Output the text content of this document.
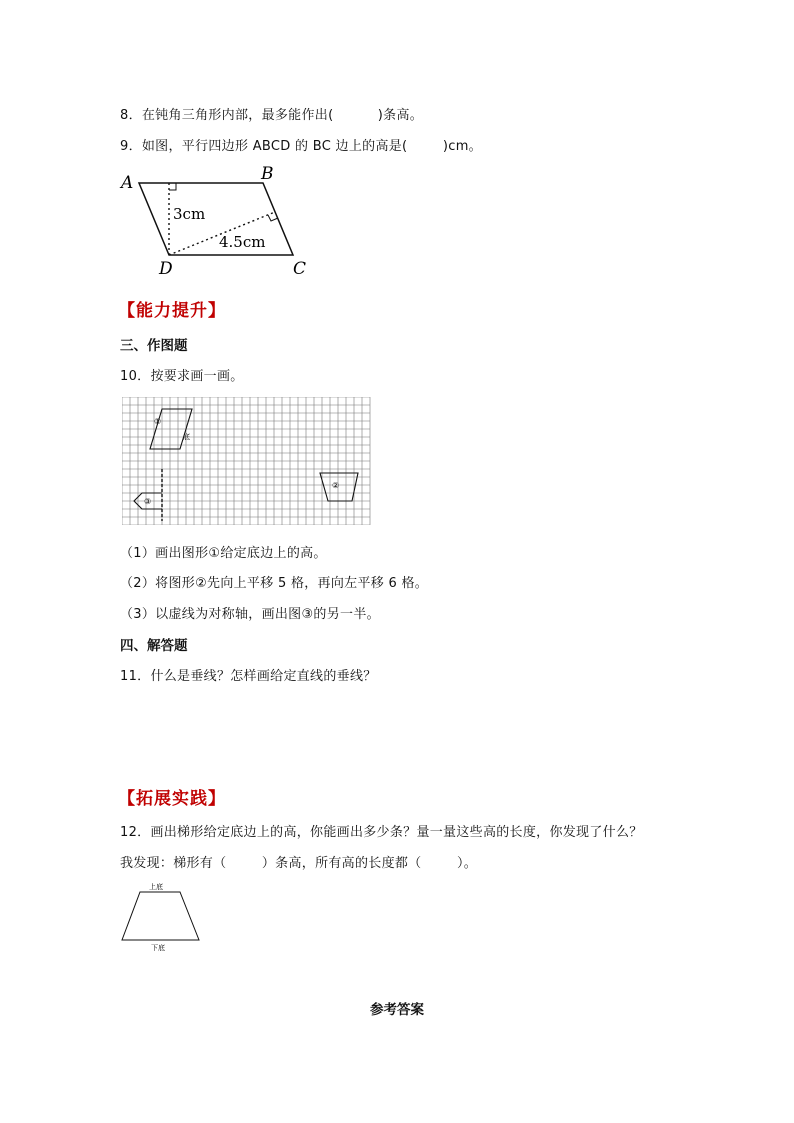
8．在钝角三角形内部，最多能作出(	)条高。
9．如图，平行四边形 ABCD 的 BC 边上的高是(	)cm。
A	B
C
D
3cm
4.5cm
【能力提升】
三、作图题
10．按要求画一画。
①
底
②
③
（1）画出图形①给定底边上的高。
（2）将图形②先向上平移 5 格，再向左平移 6 格。
（3）以虚线为对称轴，画出图③的另一半。
四、解答题
11．什么是垂线？怎样画给定直线的垂线？
【拓展实践】
12．画出梯形给定底边上的高，你能画出多少条？量一量这些高的长度，你发现了什么？
我发现：梯形有（	）条高，所有高的长度都（	）。
上底
下底
参考答案
